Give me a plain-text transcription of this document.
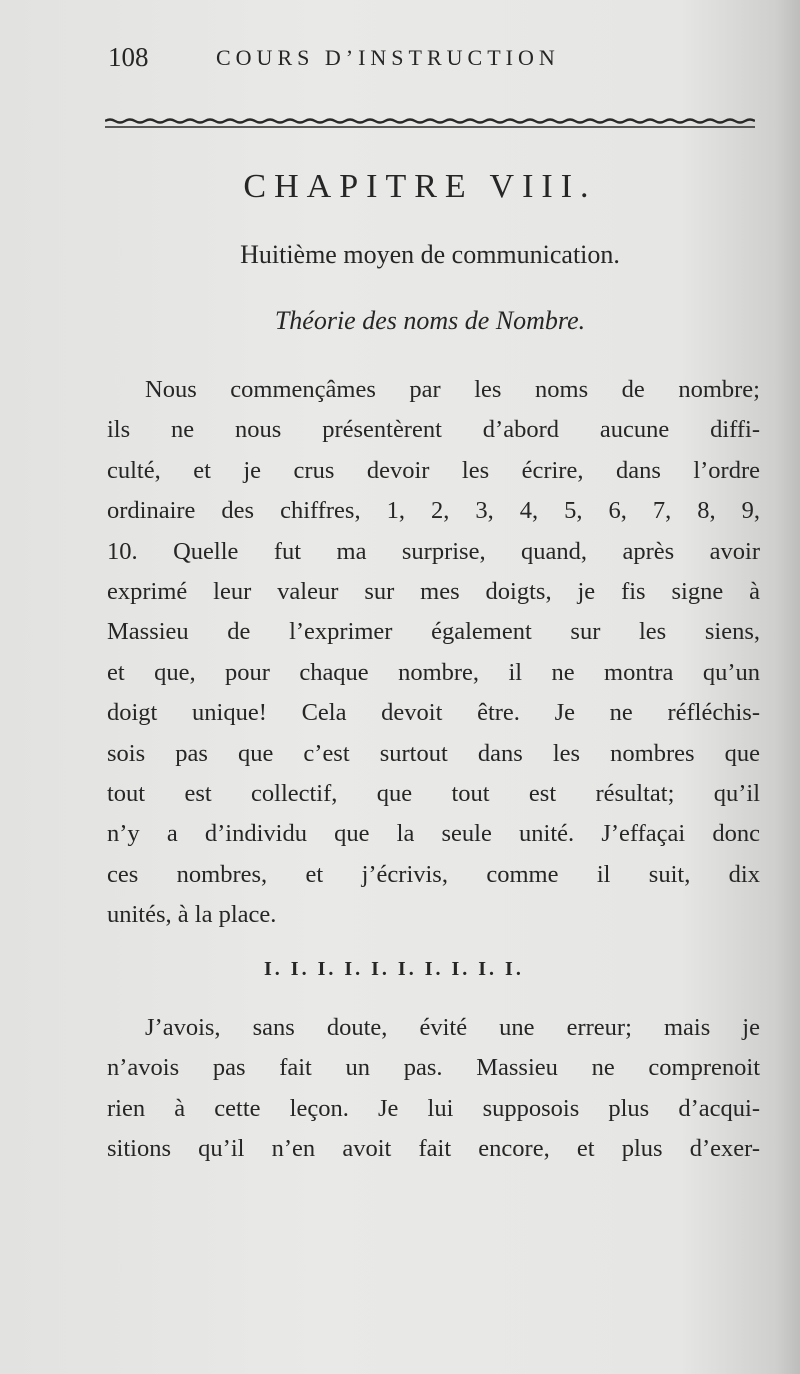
108	COURS D’INSTRUCTION
CHAPITRE VIII.
Huitième moyen de communication.
Théorie des noms de Nombre.
Nous commençâmes par les noms de nombre;
ils ne nous présentèrent d’abord aucune diffi-
culté, et je crus devoir les écrire, dans l’ordre
ordinaire des chiffres, 1, 2, 3, 4, 5, 6, 7, 8, 9,
10. Quelle fut ma surprise, quand, après avoir
exprimé leur valeur sur mes doigts, je fis signe à
Massieu de l’exprimer également sur les siens,
et que, pour chaque nombre, il ne montra qu’un
doigt unique! Cela devoit être. Je ne réfléchis-
sois pas que c’est surtout dans les nombres que
tout est collectif, que tout est résultat; qu’il
n’y a d’individu que la seule unité. J’effaçai donc
ces nombres, et j’écrivis, comme il suit, dix
unités, à la place.
I. I. I. I. I. I. I. I. I. I.
J’avois, sans doute, évité une erreur; mais je
n’avois pas fait un pas. Massieu ne comprenoit
rien à cette leçon. Je lui supposois plus d’acqui-
sitions qu’il n’en avoit fait encore, et plus d’exer-
